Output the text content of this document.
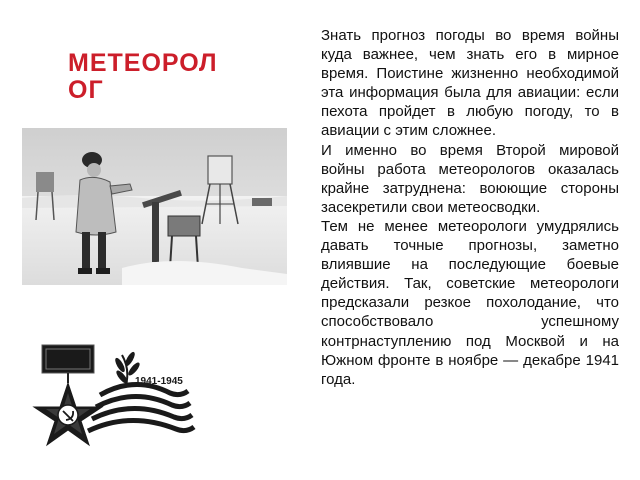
МЕТЕОРОЛОГ
1941-1945

Знать прогноз погоды во время войны куда важнее, чем знать его в мирное время. Поистине жизненно необходимой эта информация была для авиации: если пехота пройдет в любую погоду, то в авиации с этим сложнее.

И именно во время Второй мировой войны работа метеорологов оказалась крайне затруднена: воюющие стороны засекретили свои метеосводки.

Тем не менее метеорологи умудрялись давать точные прогнозы, заметно влиявшие на последующие боевые действия. Так, советские метеорологи предсказали резкое похолодание, что способствовало успешному контрнаступлению под Москвой и на Южном фронте в ноябре — декабре 1941 года.
